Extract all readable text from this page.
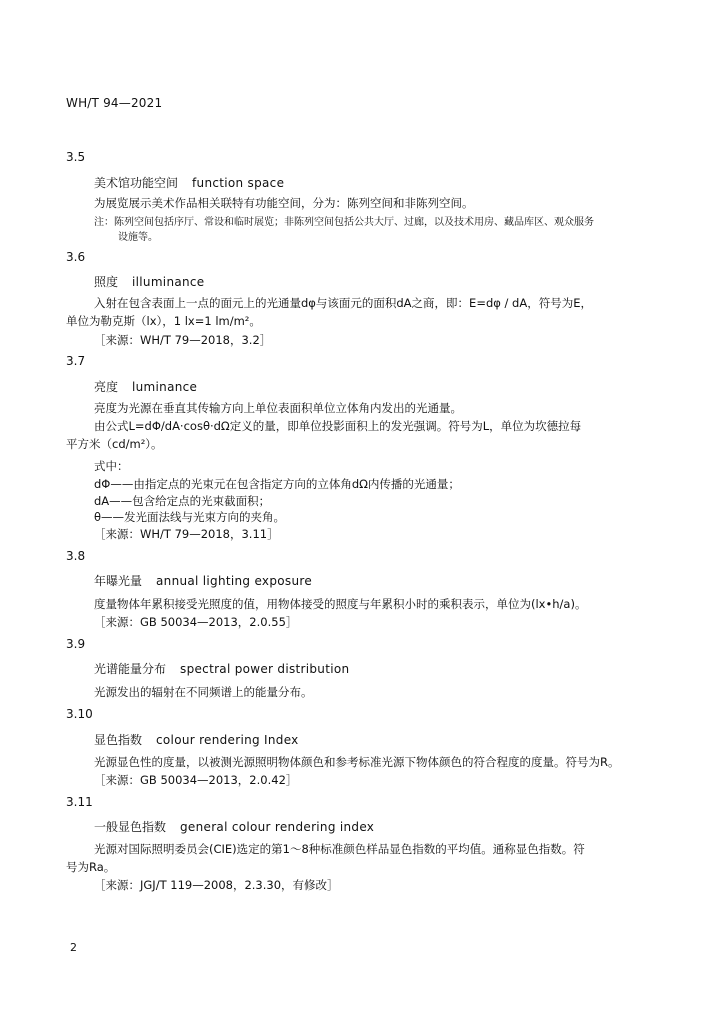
WH/T 94—2021
3.5
美术馆功能空间 function space
为展览展示美术作品相关联特有功能空间，分为：陈列空间和非陈列空间。
注：陈列空间包括序厅、常设和临时展览；非陈列空间包括公共大厅、过廊，以及技术用房、藏品库区、观众服务
设施等。
3.6
照度 illuminance
入射在包含表面上一点的面元上的光通量dφ与该面元的面积dA之商，即：E=dφ / dA，符号为E，
单位为勒克斯（lx），1 lx=1 lm/m²。
［来源：WH/T 79—2018，3.2］
3.7
亮度 luminance
亮度为光源在垂直其传输方向上单位表面积单位立体角内发出的光通量。
由公式L=dΦ/dA·cosθ·dΩ定义的量，即单位投影面积上的发光强调。符号为L，单位为坎德拉每
平方米（cd/m²）。
式中：
dΦ——由指定点的光束元在包含指定方向的立体角dΩ内传播的光通量；
dA——包含给定点的光束截面积；
θ——发光面法线与光束方向的夹角。
［来源：WH/T 79—2018，3.11］
3.8
年曝光量 annual lighting exposure
度量物体年累积接受光照度的值，用物体接受的照度与年累积小时的乘积表示，单位为(lx•h/a)。
［来源：GB 50034—2013，2.0.55］
3.9
光谱能量分布 spectral power distribution
光源发出的辐射在不同频谱上的能量分布。
3.10
显色指数 colour rendering Index
光源显色性的度量，以被测光源照明物体颜色和参考标准光源下物体颜色的符合程度的度量。符号为R。
［来源：GB 50034—2013，2.0.42］
3.11
一般显色指数 general colour rendering index
光源对国际照明委员会(CIE)选定的第1～8种标准颜色样品显色指数的平均值。通称显色指数。符
号为Ra。
［来源：JGJ/T 119—2008，2.3.30，有修改］
2
